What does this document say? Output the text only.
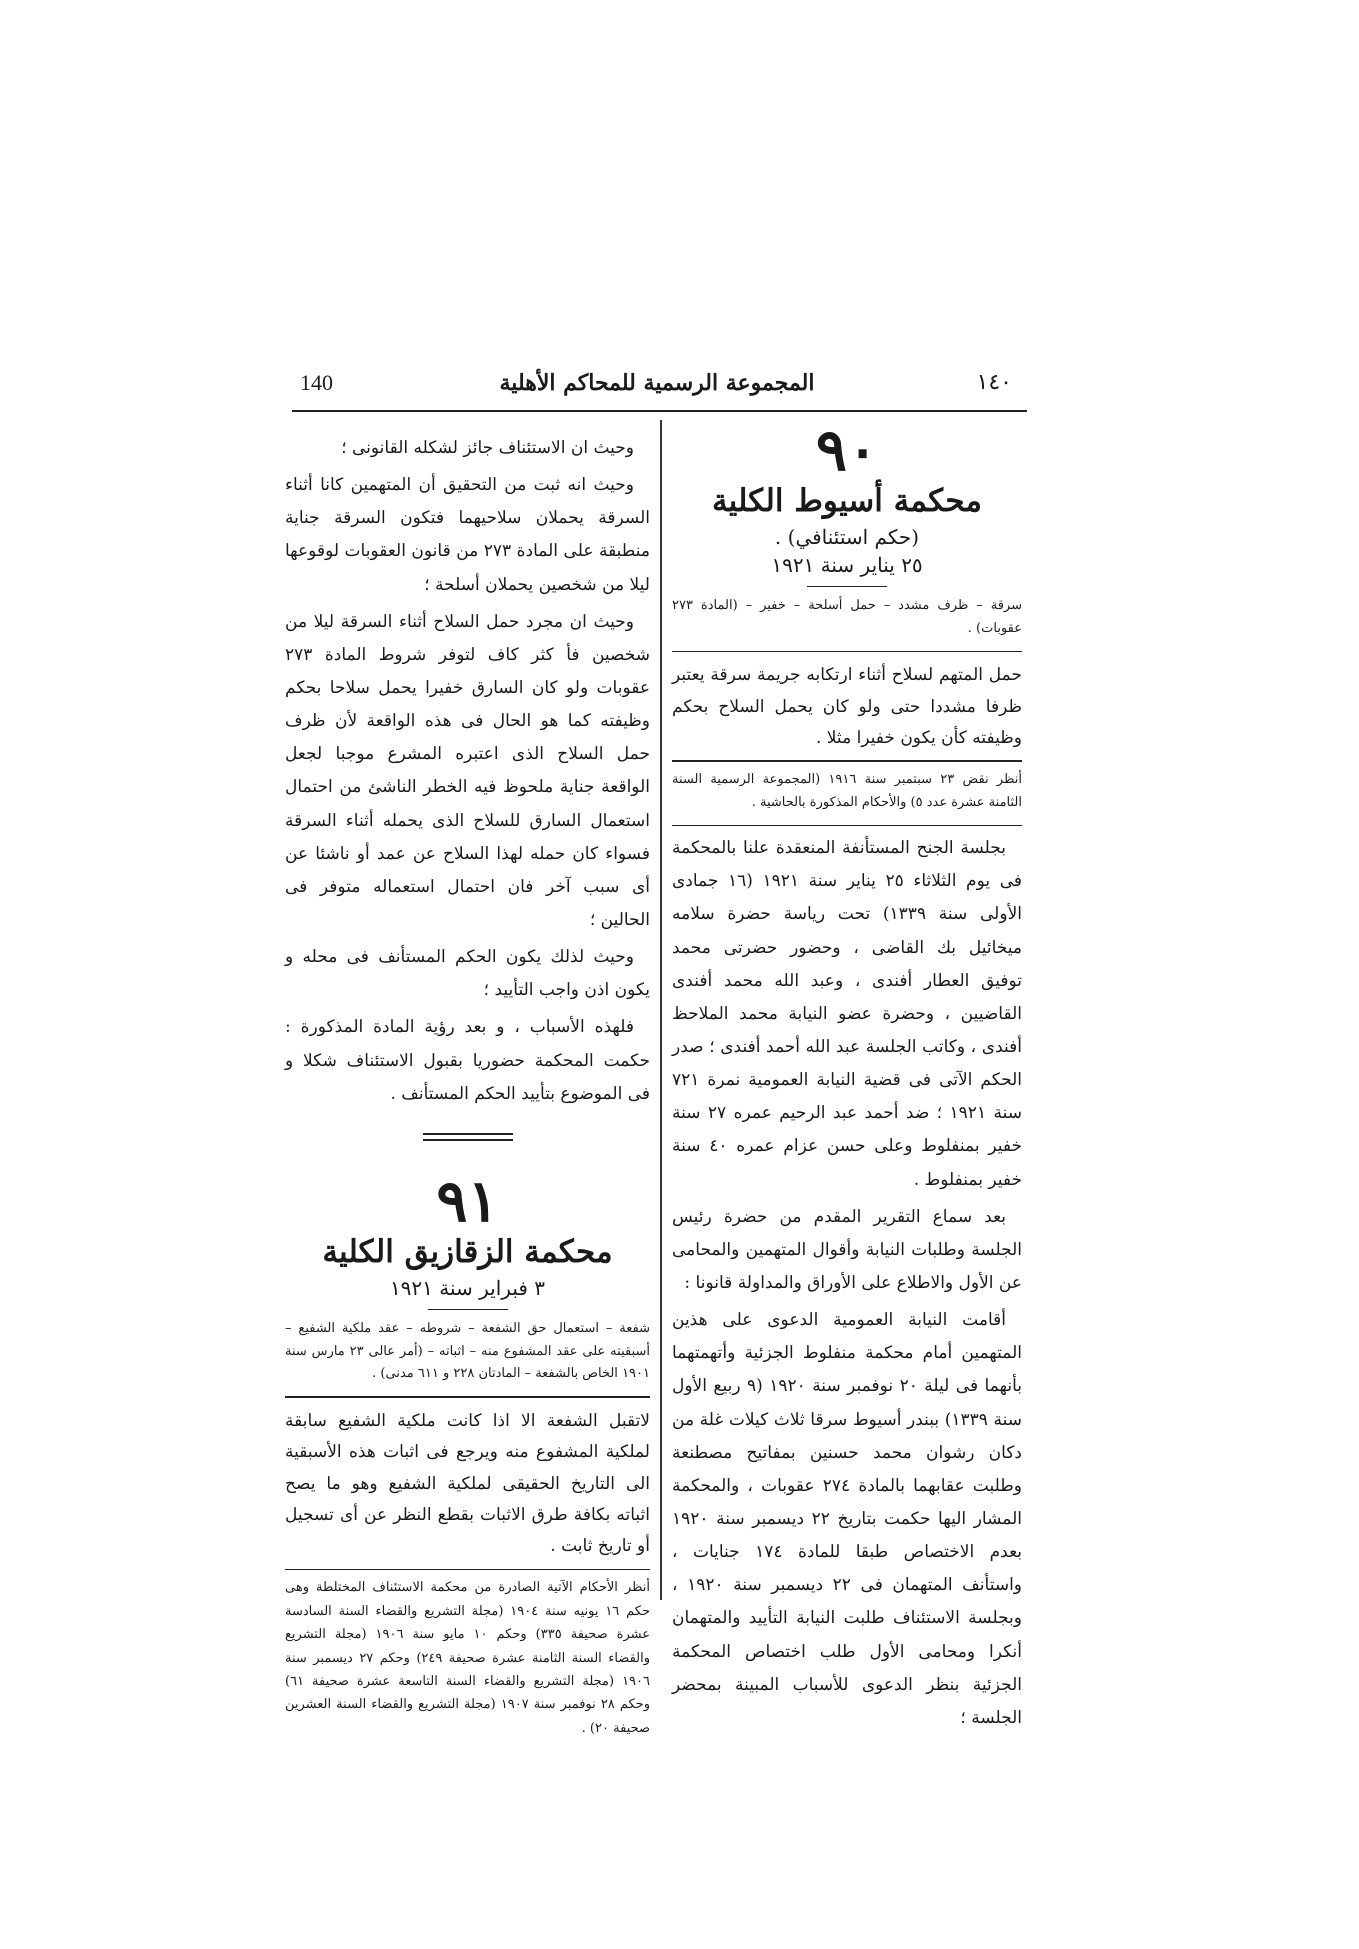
140	المجموعة الرسمية للمحاكم الأهلية	١٤٠
٩٠
محكمة أسيوط الكلية
(حكم استئنافي) .
٢٥ يناير سنة ١٩٢١
سرقة – ظرف مشدد – حمل أسلحة – خفير – (المادة ٢٧٣ عقوبات) .
حمل المتهم لسلاح أثناء ارتكابه جريمة سرقة يعتبر ظرفا مشددا حتى ولو كان يحمل السلاح بحكم وظيفته كأن يكون خفيرا مثلا .
أنظر نقض ٢٣ سبتمبر سنة ١٩١٦ (المجموعة الرسمية السنة الثامنة عشرة عدد ٥) والأحكام المذكورة بالحاشية .

بجلسة الجنح المستأنفة المنعقدة علنا بالمحكمة فى يوم الثلاثاء ٢٥ يناير سنة ١٩٢١ (١٦ جمادى الأولى سنة ١٣٣٩) تحت رياسة حضرة سلامه ميخائيل بك القاضى ، وحضور حضرتى محمد توفيق العطار أفندى ، وعبد الله محمد أفندى القاضيين ، وحضرة عضو النيابة محمد الملاحظ أفندى ، وكاتب الجلسة عبد الله أحمد أفندى ؛ صدر الحكم الآتى فى قضية النيابة العمومية نمرة ٧٢١ سنة ١٩٢١ ؛ ضد أحمد عبد الرحيم عمره ٢٧ سنة خفير بمنفلوط وعلى حسن عزام عمره ٤٠ سنة خفير بمنفلوط .

بعد سماع التقرير المقدم من حضرة رئيس الجلسة وطلبات النيابة وأقوال المتهمين والمحامى عن الأول والاطلاع على الأوراق والمداولة قانونا :

أقامت النيابة العمومية الدعوى على هذين المتهمين أمام محكمة منفلوط الجزئية وأتهمتهما بأنهما فى ليلة ٢٠ نوفمبر سنة ١٩٢٠ (٩ ربيع الأول سنة ١٣٣٩) ببندر أسيوط سرقا ثلاث كيلات غلة من دكان رشوان محمد حسنين بمفاتيح مصطنعة وطلبت عقابهما بالمادة ٢٧٤ عقوبات ، والمحكمة المشار اليها حكمت بتاريخ ٢٢ ديسمبر سنة ١٩٢٠ بعدم الاختصاص طبقا للمادة ١٧٤ جنايات ، واستأنف المتهمان فى ٢٢ ديسمبر سنة ١٩٢٠ ، وبجلسة الاستئناف طلبت النيابة التأييد والمتهمان أنكرا ومحامى الأول طلب اختصاص المحكمة الجزئية بنظر الدعوى للأسباب المبينة بمحضر الجلسة ؛

وحيث ان الاستئناف جائز لشكله القانونى ؛

وحيث انه ثبت من التحقيق أن المتهمين كانا أثناء السرقة يحملان سلاحيهما فتكون السرقة جناية منطبقة على المادة ٢٧٣ من قانون العقوبات لوقوعها ليلا من شخصين يحملان أسلحة ؛

وحيث ان مجرد حمل السلاح أثناء السرقة ليلا من شخصين فأ كثر كاف لتوفر شروط المادة ٢٧٣ عقوبات ولو كان السارق خفيرا يحمل سلاحا بحكم وظيفته كما هو الحال فى هذه الواقعة لأن ظرف حمل السلاح الذى اعتبره المشرع موجبا لجعل الواقعة جناية ملحوظ فيه الخطر الناشئ من احتمال استعمال السارق للسلاح الذى يحمله أثناء السرقة فسواء كان حمله لهذا السلاح عن عمد أو ناشئا عن أى سبب آخر فان احتمال استعماله متوفر فى الحالين ؛

وحيث لذلك يكون الحكم المستأنف فى محله و يكون اذن واجب التأييد ؛

فلهذه الأسباب ، و بعد رؤية المادة المذكورة : حكمت المحكمة حضوريا بقبول الاستئناف شكلا و فى الموضوع بتأييد الحكم المستأنف .

٩١
محكمة الزقازيق الكلية
٣ فبراير سنة ١٩٢١
شفعة – استعمال حق الشفعة – شروطه – عقد ملكية الشفيع – أسبقيته على عقد المشفوع منه – اثباته – (أمر عالى ٢٣ مارس سنة ١٩٠١ الخاص بالشفعة – المادتان ٢٢٨ و ٦١١ مدنى) .
لاتقبل الشفعة الا اذا كانت ملكية الشفيع سابقة لملكية المشفوع منه ويرجع فى اثبات هذه الأسبقية الى التاريخ الحقيقى لملكية الشفيع وهو ما يصح اثباته بكافة طرق الاثبات بقطع النظر عن أى تسجيل أو تاريخ ثابت .
أنظر الأحكام الآتية الصادرة من محكمة الاستئناف المختلطة وهى حكم ١٦ يونيه سنة ١٩٠٤ (مجلة التشريع والقضاء السنة السادسة عشرة صحيفة ٣٣٥) وحكم ١٠ مايو سنة ١٩٠٦ (مجلة التشريع والقضاء السنة الثامنة عشرة صحيفة ٢٤٩) وحكم ٢٧ ديسمبر سنة ١٩٠٦ (مجلة التشريع والقضاء السنة التاسعة عشرة صحيفة ٦١) وحكم ٢٨ نوفمبر سنة ١٩٠٧ (مجلة التشريع والقضاء السنة العشرين صحيفة ٢٠) .
